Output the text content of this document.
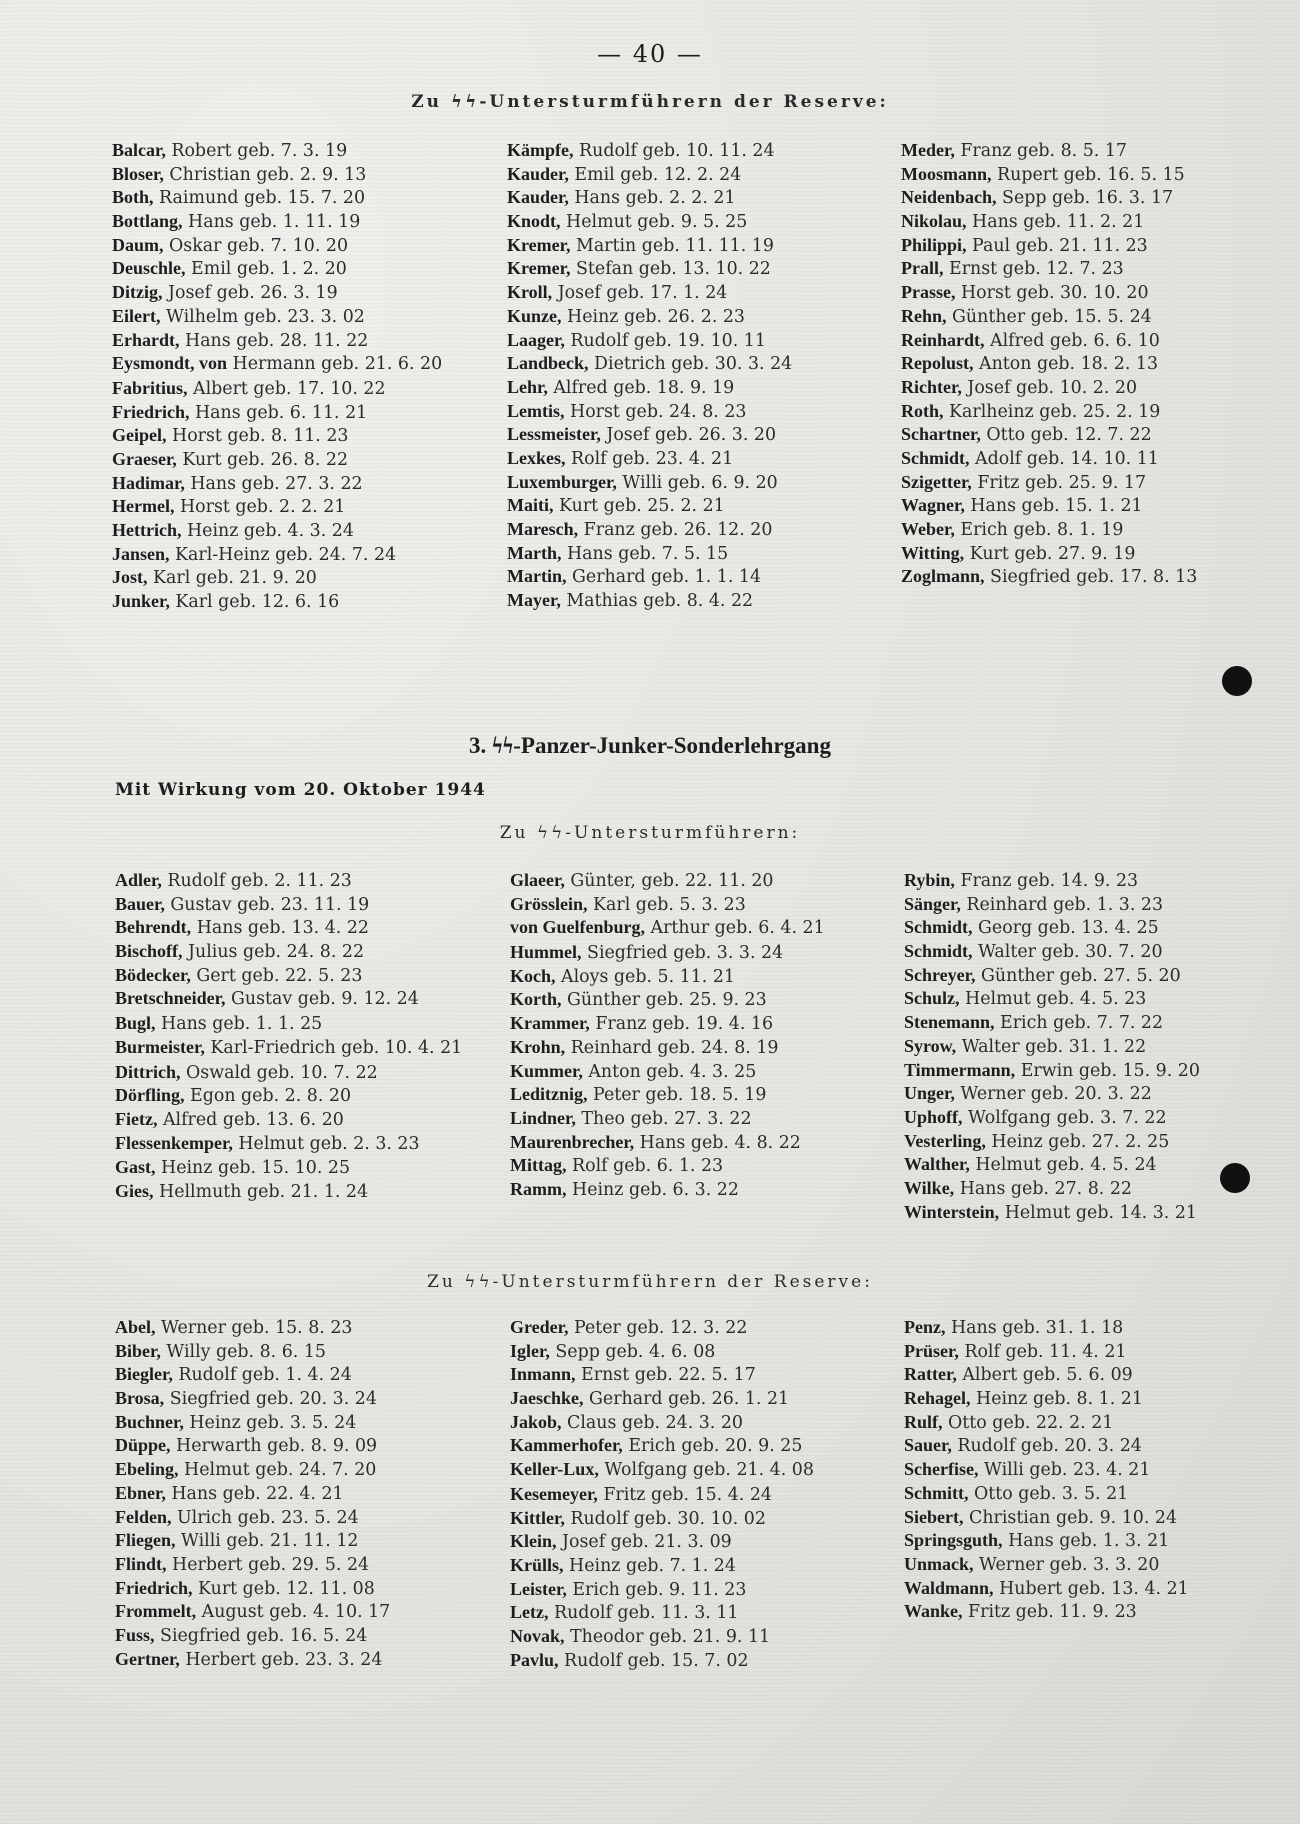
— 40 —
Zu ϟϟ-Untersturmführern der Reserve:
Balcar, Robert geb. 7. 3. 19
Bloser, Christian geb. 2. 9. 13
Both, Raimund geb. 15. 7. 20
Bottlang, Hans geb. 1. 11. 19
Daum, Oskar geb. 7. 10. 20
Deuschle, Emil geb. 1. 2. 20
Ditzig, Josef geb. 26. 3. 19
Eilert, Wilhelm geb. 23. 3. 02
Erhardt, Hans geb. 28. 11. 22
Eysmondt, von Hermann geb. 21. 6. 20
Fabritius, Albert geb. 17. 10. 22
Friedrich, Hans geb. 6. 11. 21
Geipel, Horst geb. 8. 11. 23
Graeser, Kurt geb. 26. 8. 22
Hadimar, Hans geb. 27. 3. 22
Hermel, Horst geb. 2. 2. 21
Hettrich, Heinz geb. 4. 3. 24
Jansen, Karl-Heinz geb. 24. 7. 24
Jost, Karl geb. 21. 9. 20
Junker, Karl geb. 12. 6. 16
Kämpfe, Rudolf geb. 10. 11. 24
Kauder, Emil geb. 12. 2. 24
Kauder, Hans geb. 2. 2. 21
Knodt, Helmut geb. 9. 5. 25
Kremer, Martin geb. 11. 11. 19
Kremer, Stefan geb. 13. 10. 22
Kroll, Josef geb. 17. 1. 24
Kunze, Heinz geb. 26. 2. 23
Laager, Rudolf geb. 19. 10. 11
Landbeck, Dietrich geb. 30. 3. 24
Lehr, Alfred geb. 18. 9. 19
Lemtis, Horst geb. 24. 8. 23
Lessmeister, Josef geb. 26. 3. 20
Lexkes, Rolf geb. 23. 4. 21
Luxemburger, Willi geb. 6. 9. 20
Maiti, Kurt geb. 25. 2. 21
Maresch, Franz geb. 26. 12. 20
Marth, Hans geb. 7. 5. 15
Martin, Gerhard geb. 1. 1. 14
Mayer, Mathias geb. 8. 4. 22
Meder, Franz geb. 8. 5. 17
Moosmann, Rupert geb. 16. 5. 15
Neidenbach, Sepp geb. 16. 3. 17
Nikolau, Hans geb. 11. 2. 21
Philippi, Paul geb. 21. 11. 23
Prall, Ernst geb. 12. 7. 23
Prasse, Horst geb. 30. 10. 20
Rehn, Günther geb. 15. 5. 24
Reinhardt, Alfred geb. 6. 6. 10
Repolust, Anton geb. 18. 2. 13
Richter, Josef geb. 10. 2. 20
Roth, Karlheinz geb. 25. 2. 19
Schartner, Otto geb. 12. 7. 22
Schmidt, Adolf geb. 14. 10. 11
Szigetter, Fritz geb. 25. 9. 17
Wagner, Hans geb. 15. 1. 21
Weber, Erich geb. 8. 1. 19
Witting, Kurt geb. 27. 9. 19
Zoglmann, Siegfried geb. 17. 8. 13
3. ϟϟ-Panzer-Junker-Sonderlehrgang
Mit Wirkung vom 20. Oktober 1944
Zu ϟϟ-Untersturmführern:
Adler, Rudolf geb. 2. 11. 23
Bauer, Gustav geb. 23. 11. 19
Behrendt, Hans geb. 13. 4. 22
Bischoff, Julius geb. 24. 8. 22
Bödecker, Gert geb. 22. 5. 23
Bretschneider, Gustav geb. 9. 12. 24
Bugl, Hans geb. 1. 1. 25
Burmeister, Karl-Friedrich geb. 10. 4. 21
Dittrich, Oswald geb. 10. 7. 22
Dörfling, Egon geb. 2. 8. 20
Fietz, Alfred geb. 13. 6. 20
Flessenkemper, Helmut geb. 2. 3. 23
Gast, Heinz geb. 15. 10. 25
Gies, Hellmuth geb. 21. 1. 24
Glaeer, Günter, geb. 22. 11. 20
Grösslein, Karl geb. 5. 3. 23
von Guelfenburg, Arthur geb. 6. 4. 21
Hummel, Siegfried geb. 3. 3. 24
Koch, Aloys geb. 5. 11. 21
Korth, Günther geb. 25. 9. 23
Krammer, Franz geb. 19. 4. 16
Krohn, Reinhard geb. 24. 8. 19
Kummer, Anton geb. 4. 3. 25
Leditznig, Peter geb. 18. 5. 19
Lindner, Theo geb. 27. 3. 22
Maurenbrecher, Hans geb. 4. 8. 22
Mittag, Rolf geb. 6. 1. 23
Ramm, Heinz geb. 6. 3. 22
Rybin, Franz geb. 14. 9. 23
Sänger, Reinhard geb. 1. 3. 23
Schmidt, Georg geb. 13. 4. 25
Schmidt, Walter geb. 30. 7. 20
Schreyer, Günther geb. 27. 5. 20
Schulz, Helmut geb. 4. 5. 23
Stenemann, Erich geb. 7. 7. 22
Syrow, Walter geb. 31. 1. 22
Timmermann, Erwin geb. 15. 9. 20
Unger, Werner geb. 20. 3. 22
Uphoff, Wolfgang geb. 3. 7. 22
Vesterling, Heinz geb. 27. 2. 25
Walther, Helmut geb. 4. 5. 24
Wilke, Hans geb. 27. 8. 22
Winterstein, Helmut geb. 14. 3. 21
Zu ϟϟ-Untersturmführern der Reserve:
Abel, Werner geb. 15. 8. 23
Biber, Willy geb. 8. 6. 15
Biegler, Rudolf geb. 1. 4. 24
Brosa, Siegfried geb. 20. 3. 24
Buchner, Heinz geb. 3. 5. 24
Düppe, Herwarth geb. 8. 9. 09
Ebeling, Helmut geb. 24. 7. 20
Ebner, Hans geb. 22. 4. 21
Felden, Ulrich geb. 23. 5. 24
Fliegen, Willi geb. 21. 11. 12
Flindt, Herbert geb. 29. 5. 24
Friedrich, Kurt geb. 12. 11. 08
Frommelt, August geb. 4. 10. 17
Fuss, Siegfried geb. 16. 5. 24
Gertner, Herbert geb. 23. 3. 24
Greder, Peter geb. 12. 3. 22
Igler, Sepp geb. 4. 6. 08
Inmann, Ernst geb. 22. 5. 17
Jaeschke, Gerhard geb. 26. 1. 21
Jakob, Claus geb. 24. 3. 20
Kammerhofer, Erich geb. 20. 9. 25
Keller-Lux, Wolfgang geb. 21. 4. 08
Kesemeyer, Fritz geb. 15. 4. 24
Kittler, Rudolf geb. 30. 10. 02
Klein, Josef geb. 21. 3. 09
Krülls, Heinz geb. 7. 1. 24
Leister, Erich geb. 9. 11. 23
Letz, Rudolf geb. 11. 3. 11
Novak, Theodor geb. 21. 9. 11
Pavlu, Rudolf geb. 15. 7. 02
Penz, Hans geb. 31. 1. 18
Prüser, Rolf geb. 11. 4. 21
Ratter, Albert geb. 5. 6. 09
Rehagel, Heinz geb. 8. 1. 21
Rulf, Otto geb. 22. 2. 21
Sauer, Rudolf geb. 20. 3. 24
Scherfise, Willi geb. 23. 4. 21
Schmitt, Otto geb. 3. 5. 21
Siebert, Christian geb. 9. 10. 24
Springsguth, Hans geb. 1. 3. 21
Unmack, Werner geb. 3. 3. 20
Waldmann, Hubert geb. 13. 4. 21
Wanke, Fritz geb. 11. 9. 23
